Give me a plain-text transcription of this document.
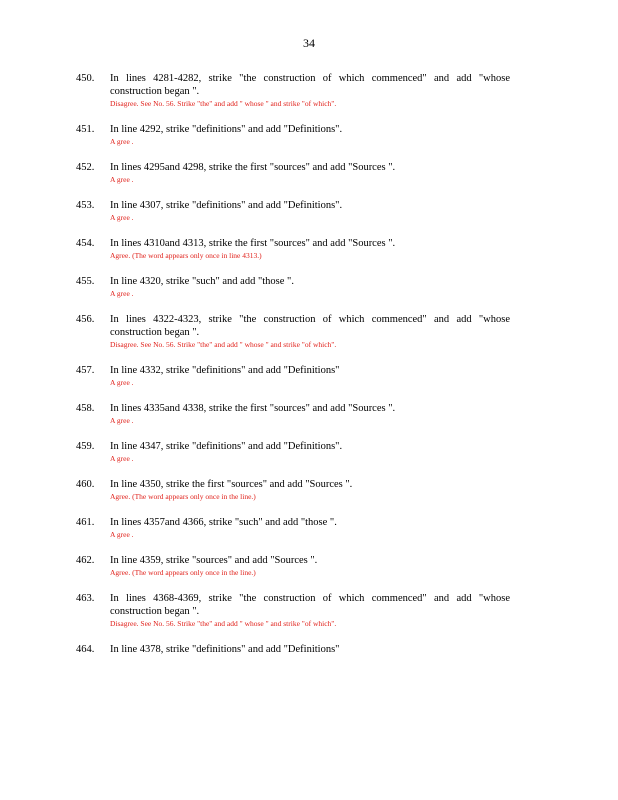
34
450. In lines 4281-4282, strike "the construction of which commenced" and add "whose construction began ".
Disagree. See No. 56. Strike "the" and add " whose " and strike "of which".
451. In line 4292, strike "definitions" and add "Definitions".
A gree .
452. In lines 4295and 4298, strike the first "sources" and add "Sources ".
A gree .
453. In line 4307, strike "definitions" and add "Definitions".
A gree .
454. In lines 4310and 4313, strike the first "sources" and add "Sources ".
Agree. (The word appears only once in line 4313.)
455. In line 4320, strike "such" and add "those ".
A gree .
456. In lines 4322-4323, strike "the construction of which commenced" and add "whose construction began ".
Disagree. See No. 56. Strike "the" and add " whose " and strike "of which".
457. In line 4332, strike "definitions" and add "Definitions"
A gree .
458. In lines 4335and 4338, strike the first "sources" and add "Sources ".
A gree .
459. In line 4347, strike "definitions" and add "Definitions".
A gree .
460. In line 4350, strike the first "sources" and add "Sources ".
Agree. (The word appears only once in the line.)
461. In lines 4357and 4366, strike "such" and add "those ".
A gree .
462. In line 4359, strike "sources" and add "Sources ".
Agree. (The word appears only once in the line.)
463. In lines 4368-4369, strike "the construction of which commenced" and add "whose construction began ".
Disagree. See No. 56. Strike "the" and add " whose " and strike "of which".
464. In line 4378, strike "definitions" and add "Definitions"
